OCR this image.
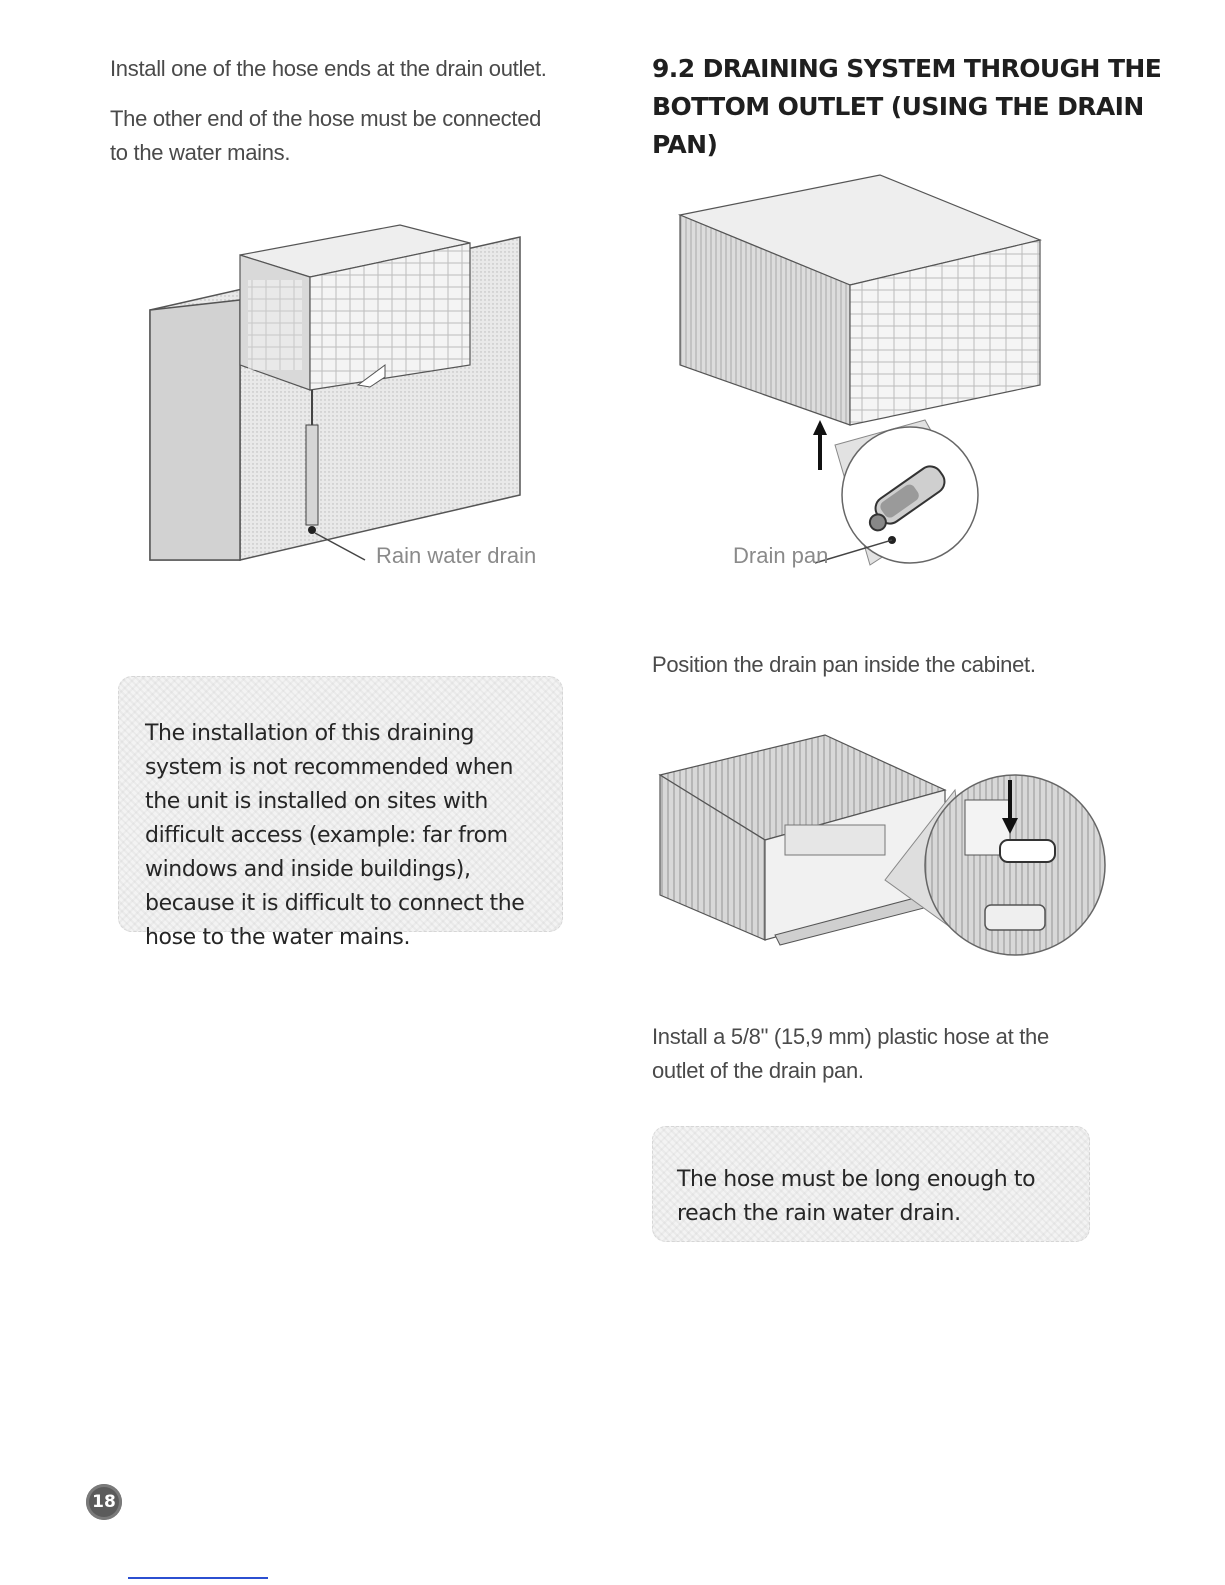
Install one of the hose ends at the drain outlet.
The other end of the hose must be connected to the water mains.
Rain water drain
The installation of this draining system is not recommended when the unit is installed on sites with difficult access (example: far from windows and inside buildings), because it is difficult to connect the hose to the water mains.
9.2 DRAINING SYSTEM THROUGH THE BOTTOM OUTLET (USING THE DRAIN PAN)
Drain pan
Position the drain pan inside the cabinet.
Install a 5/8" (15,9 mm) plastic hose at the outlet of the drain pan.
The hose must be long enough to reach the rain water drain.
18
